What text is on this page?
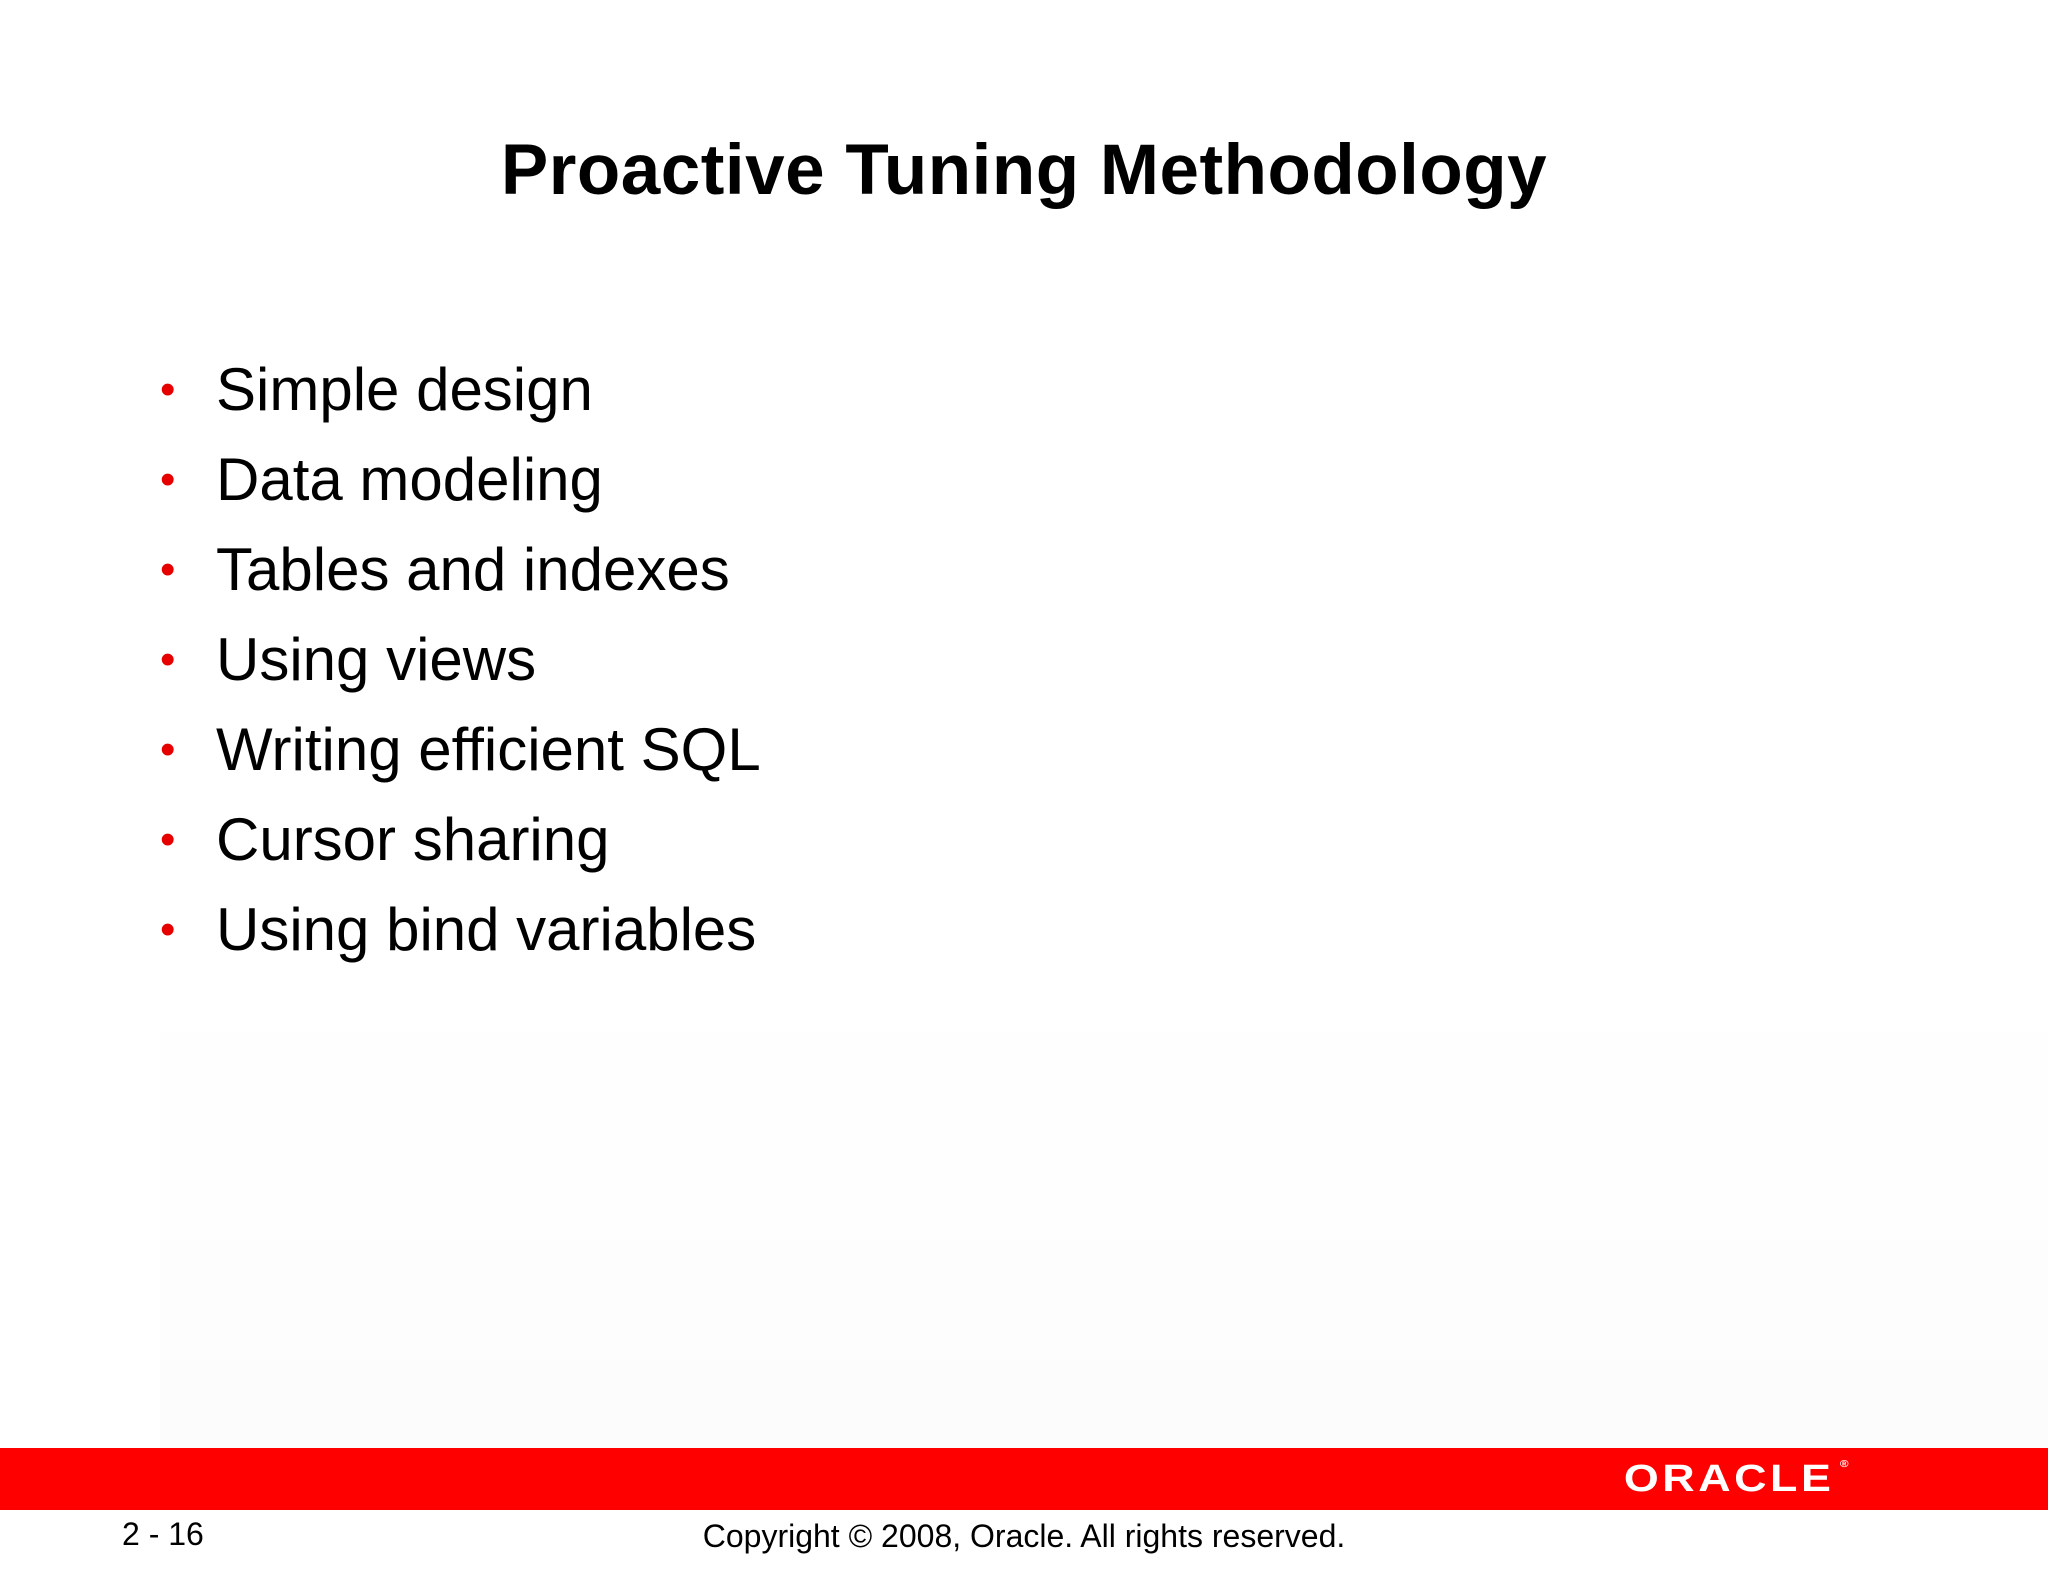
Proactive Tuning Methodology
• Simple design
• Data modeling
• Tables and indexes
• Using views
• Writing efficient SQL
• Cursor sharing
• Using bind variables
ORACLE ®
2 - 16	Copyright © 2008, Oracle. All rights reserved.
